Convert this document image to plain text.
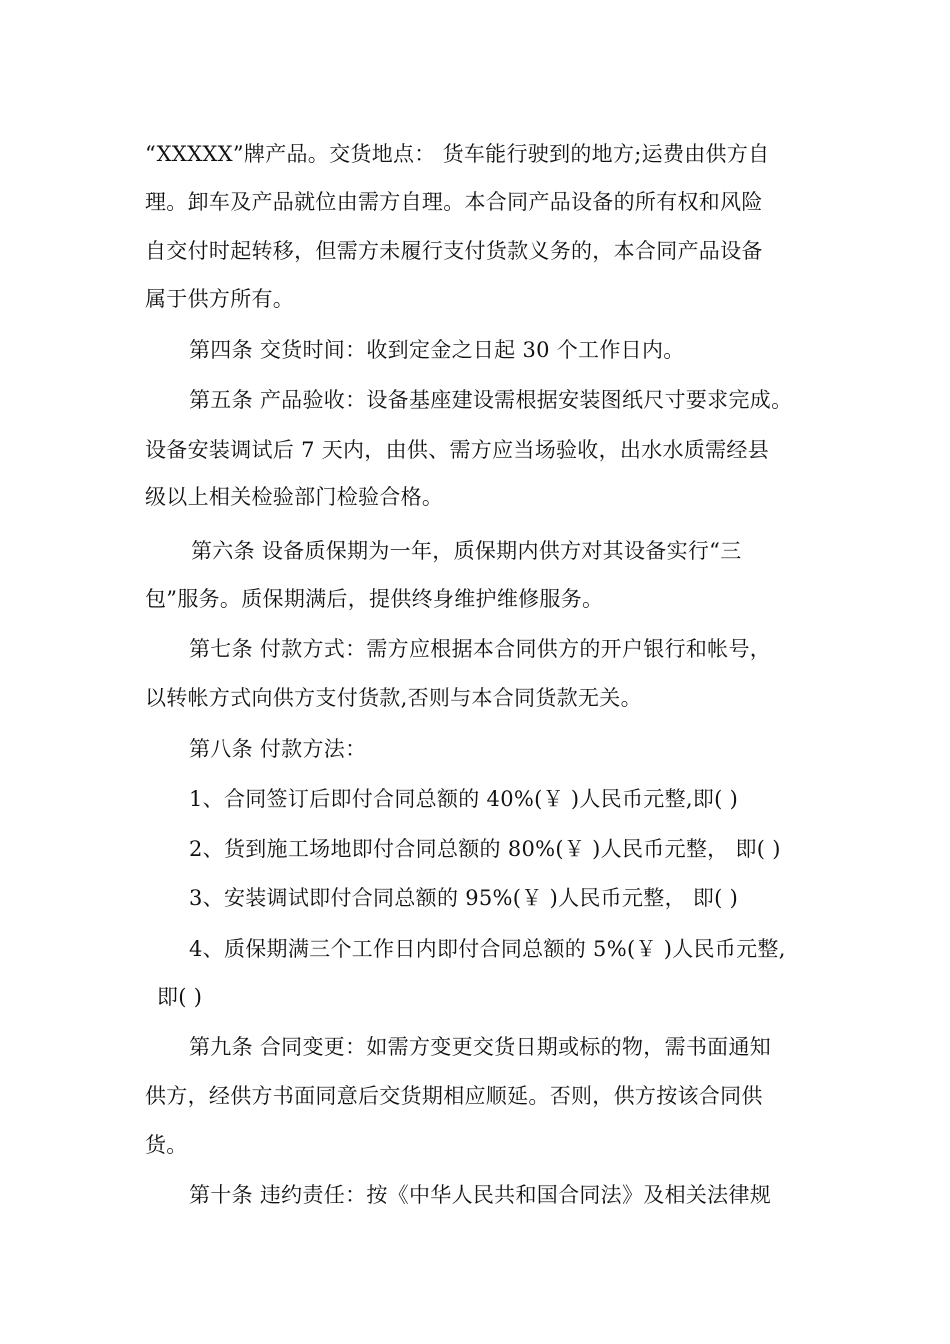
“XXXXX”牌产品。交货地点： 货车能行驶到的地方;运费由供方自
理。卸车及产品就位由需方自理。本合同产品设备的所有权和风险
自交付时起转移，但需方未履行支付货款义务的，本合同产品设备
属于供方所有。
第四条 交货时间：收到定金之日起 30 个工作日内。
第五条 产品验收：设备基座建设需根据安装图纸尺寸要求完成。
设备安装调试后 7 天内，由供、需方应当场验收，出水水质需经县
级以上相关检验部门检验合格。
第六条 设备质保期为一年，质保期内供方对其设备实行“三
包”服务。质保期满后，提供终身维护维修服务。
第七条 付款方式：需方应根据本合同供方的开户银行和帐号，
以转帐方式向供方支付货款,否则与本合同货款无关。
第八条 付款方法：
1、合同签订后即付合同总额的 40%(￥ )人民币元整,即( )
2、货到施工场地即付合同总额的 80%(￥ )人民币元整， 即( )
3、安装调试即付合同总额的 95%(￥ )人民币元整， 即( )
4、质保期满三个工作日内即付合同总额的 5%(￥ )人民币元整,
即( )
第九条 合同变更：如需方变更交货日期或标的物，需书面通知
供方，经供方书面同意后交货期相应顺延。否则，供方按该合同供
货。
第十条 违约责任：按《中华人民共和国合同法》及相关法律规
